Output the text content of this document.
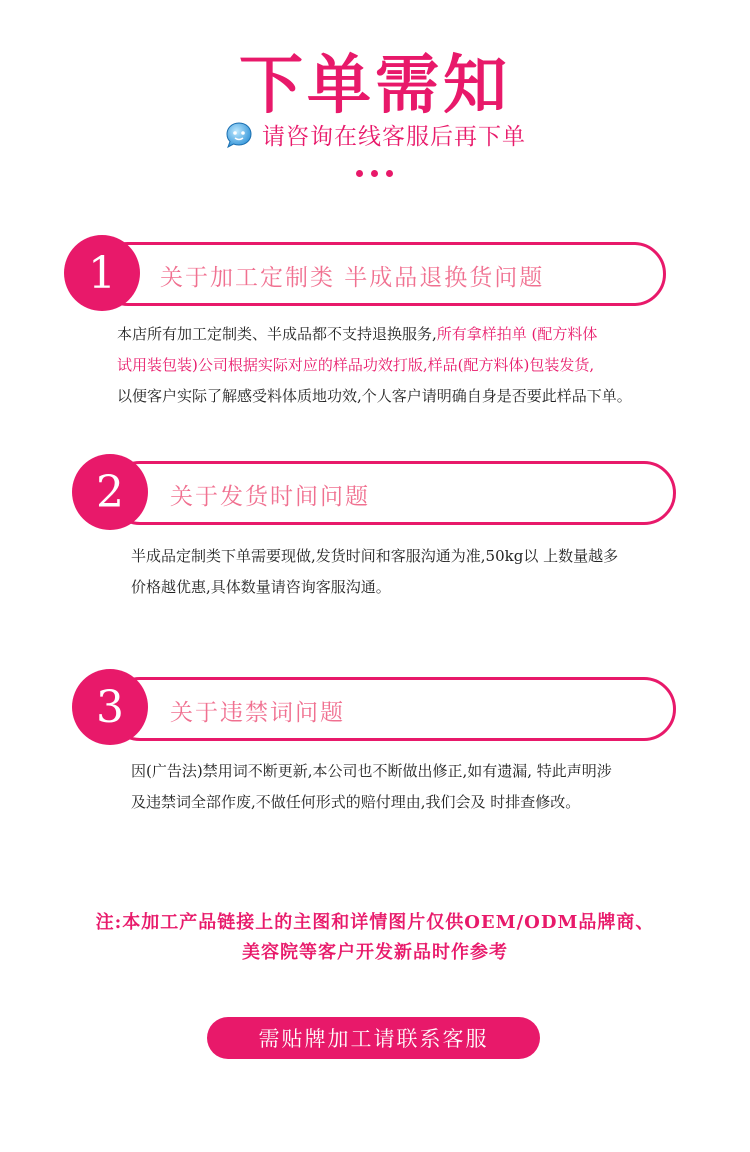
下单需知
请咨询在线客服后再下单
1	关于加工定制类 半成品退换货问题
本店所有加工定制类、半成品都不支持退换服务,所有拿样拍单 (配方料体
试用装包装)公司根据实际对应的样品功效打版,样品(配方料体)包装发货,
以便客户实际了解感受料体质地功效,个人客户请明确自身是否要此样品下单。
2	关于发货时间问题
半成品定制类下单需要现做,发货时间和客服沟通为准,50kg以 上数量越多
价格越优惠,具体数量请咨询客服沟通。
3	关于违禁词问题
因(广告法)禁用词不断更新,本公司也不断做出修正,如有遗漏, 特此声明涉
及违禁词全部作废,不做任何形式的赔付理由,我们会及 时排查修改。
注:本加工产品链接上的主图和详情图片仅供OEM/ODM品牌商、
美容院等客户开发新品时作参考
需贴牌加工请联系客服
